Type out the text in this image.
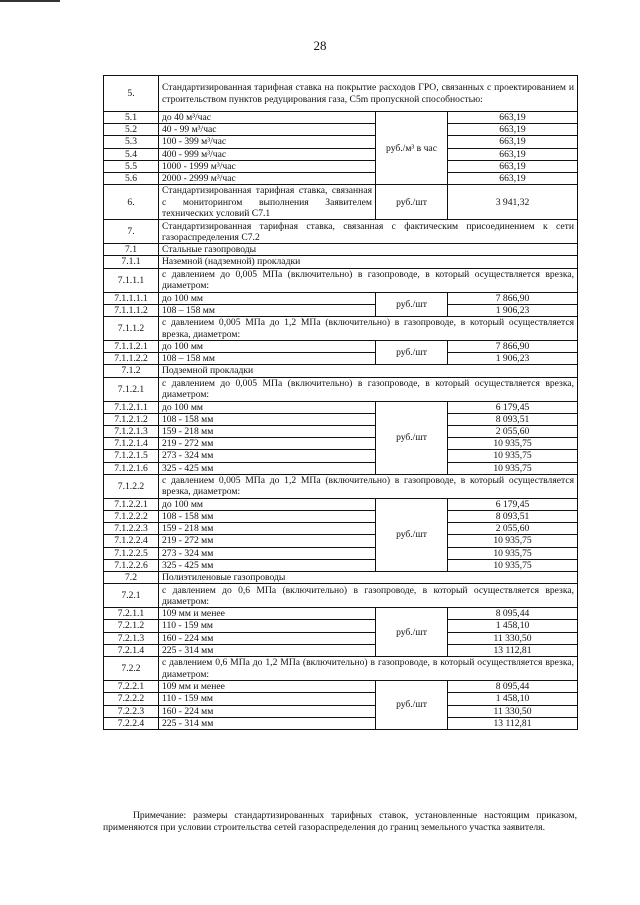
28
5.	Стандартизированная тарифная ставка на покрытие расходов ГРО, связанных с проектированием и строительством пунктов редуцирования газа, C5m пропускной способностью:		
5.1	до 40 м³/час	руб./м³ в час	663,19
5.2	40 - 99 м³/час		663,19
5.3	100 - 399 м³/час		663,19
5.4	400 - 999 м³/час		663,19
5.5	1000 - 1999 м³/час		663,19
5.6	2000 - 2999 м³/час		663,19
6.	Стандартизированная тарифная ставка, связанная с мониторингом выполнения Заявителем технических условий C7.1	руб./шт	3 941,32
7.	Стандартизированная тарифная ставка, связанная с фактическим присоединением к сети газораспределения C7.2		
7.1	Стальные газопроводы		
7.1.1	Наземной (надземной) прокладки		
7.1.1.1	с давлением до 0,005 МПа (включительно) в газопроводе, в который осуществляется врезка, диаметром:		
7.1.1.1.1	до 100 мм	руб./шт	7 866,90
7.1.1.1.2	108 – 158 мм		1 906,23
7.1.1.2	с давлением 0,005 МПа до 1,2 МПа (включительно) в газопроводе, в который осуществляется врезка, диаметром:		
7.1.1.2.1	до 100 мм	руб./шт	7 866,90
7.1.1.2.2	108 – 158 мм		1 906,23
7.1.2	Подземной прокладки		
7.1.2.1	с давлением до 0,005 МПа (включительно) в газопроводе, в который осуществляется врезка, диаметром:		
7.1.2.1.1	до 100 мм	руб./шт	6 179,45
7.1.2.1.2	108 - 158 мм		8 093,51
7.1.2.1.3	159 - 218 мм		2 055,60
7.1.2.1.4	219 - 272 мм		10 935,75
7.1.2.1.5	273 - 324 мм		10 935,75
7.1.2.1.6	325 - 425 мм		10 935,75
7.1.2.2	с давлением 0,005 МПа до 1,2 МПа (включительно) в газопроводе, в который осуществляется врезка, диаметром:		
7.1.2.2.1	до 100 мм	руб./шт	6 179,45
7.1.2.2.2	108 - 158 мм		8 093,51
7.1.2.2.3	159 - 218 мм		2 055,60
7.1.2.2.4	219 - 272 мм		10 935,75
7.1.2.2.5	273 - 324 мм		10 935,75
7.1.2.2.6	325 - 425 мм		10 935,75
7.2	Полиэтиленовые газопроводы		
7.2.1	с давлением до 0,6 МПа (включительно) в газопроводе, в который осуществляется врезка, диаметром:		
7.2.1.1	109 мм и менее	руб./шт	8 095,44
7.2.1.2	110 - 159 мм		1 458,10
7.2.1.3	160 - 224 мм		11 330,50
7.2.1.4	225 - 314 мм		13 112,81
7.2.2	с давлением 0,6 МПа до 1,2 МПа (включительно) в газопроводе, в который осуществляется врезка, диаметром:		
7.2.2.1	109 мм и менее	руб./шт	8 095,44
7.2.2.2	110 - 159 мм		1 458,10
7.2.2.3	160 - 224 мм		11 330,50
7.2.2.4	225 - 314 мм		13 112,81
Примечание: размеры стандартизированных тарифных ставок, установленные настоящим приказом, применяются при условии строительства сетей газораспределения до границ земельного участка заявителя.
